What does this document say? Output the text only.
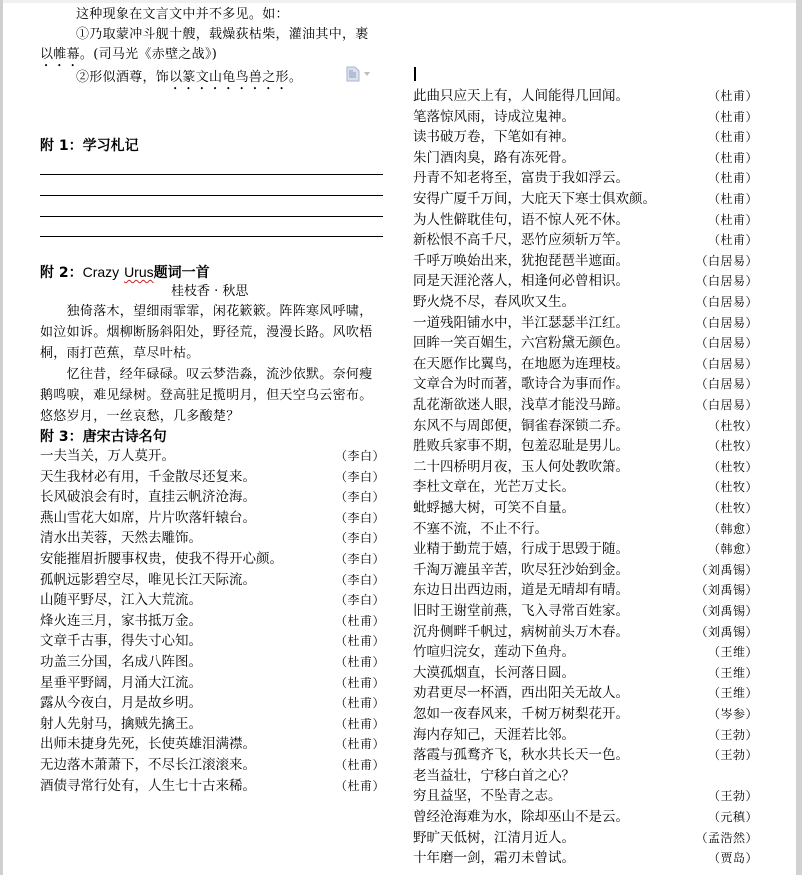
这种现象在文言文中并不多见。如：
①乃取蒙冲斗舰十艘，载燥荻枯柴，灌油其中，裹
以帷幕。(司马光《赤壁之战》)
②形似酒尊，饰以篆文山龟鸟兽之形。
附 1：学习札记
附 2：Crazy Urus题词一首
桂枝香 · 秋思
　　独倚落木，望细雨霏霏，闲花簌簌。阵阵寒风呼啸，
如泣如诉。烟柳断肠斜阳处，野径荒，漫漫长路。风吹梧
桐，雨打芭蕉，草尽叶枯。
　　忆往昔，经年碌碌。叹云梦浩淼，流沙依默。奈何瘦
鹅鸣唳，难见绿树。登高驻足揽明月，但天空乌云密布。
悠悠岁月，一丝哀愁，几多酸楚？
附 3：唐宋古诗名句
一夫当关，万人莫开。	（李白）
天生我材必有用，千金散尽还复来。	（李白）
长风破浪会有时，直挂云帆济沧海。	（李白）
燕山雪花大如席，片片吹落轩辕台。	（李白）
清水出芙蓉，天然去雕饰。	（李白）
安能摧眉折腰事权贵，使我不得开心颜。	（李白）
孤帆远影碧空尽，唯见长江天际流。	（李白）
山随平野尽，江入大荒流。	（李白）
烽火连三月，家书抵万金。	（杜甫）
文章千古事，得失寸心知。	（杜甫）
功盖三分国，名成八阵图。	（杜甫）
星垂平野阔，月涌大江流。	（杜甫）
露从今夜白，月是故乡明。	（杜甫）
射人先射马，擒贼先擒王。	（杜甫）
出师未捷身先死，长使英雄泪满襟。	（杜甫）
无边落木萧萧下，不尽长江滚滚来。	（杜甫）
酒债寻常行处有，人生七十古来稀。	（杜甫）
此曲只应天上有，人间能得几回闻。	（杜甫）
笔落惊风雨，诗成泣鬼神。	（杜甫）
读书破万卷，下笔如有神。	（杜甫）
朱门酒肉臭，路有冻死骨。	（杜甫）
丹青不知老将至，富贵于我如浮云。	（杜甫）
安得广厦千万间，大庇天下寒士俱欢颜。	（杜甫）
为人性僻耽佳句，语不惊人死不休。	（杜甫）
新松恨不高千尺，恶竹应须斩万竿。	（杜甫）
千呼万唤始出来，犹抱琵琶半遮面。	（白居易）
同是天涯沦落人，相逢何必曾相识。	（白居易）
野火烧不尽，春风吹又生。	（白居易）
一道残阳铺水中，半江瑟瑟半江红。	（白居易）
回眸一笑百媚生，六宫粉黛无颜色。	（白居易）
在天愿作比翼鸟，在地愿为连理枝。	（白居易）
文章合为时而著，歌诗合为事而作。	（白居易）
乱花渐欲迷人眼，浅草才能没马蹄。	（白居易）
东风不与周郎便，铜雀春深锁二乔。	（杜牧）
胜败兵家事不期，包羞忍耻是男儿。	（杜牧）
二十四桥明月夜，玉人何处教吹箫。	（杜牧）
李杜文章在，光芒万丈长。	（杜牧）
蚍蜉撼大树，可笑不自量。	（杜牧）
不塞不流，不止不行。	（韩愈）
业精于勤荒于嬉，行成于思毁于随。	（韩愈）
千淘万漉虽辛苦，吹尽狂沙始到金。	（刘禹锡）
东边日出西边雨，道是无晴却有晴。	（刘禹锡）
旧时王谢堂前燕，飞入寻常百姓家。	（刘禹锡）
沉舟侧畔千帆过，病树前头万木春。	（刘禹锡）
竹喧归浣女，莲动下鱼舟。	（王维）
大漠孤烟直，长河落日圆。	（王维）
劝君更尽一杯酒，西出阳关无故人。	（王维）
忽如一夜春风来，千树万树梨花开。	（岑参）
海内存知己，天涯若比邻。	（王勃）
落霞与孤鹜齐飞，秋水共长天一色。	（王勃）
老当益壮，宁移白首之心？
穷且益坚，不坠青之志。	（王勃）
曾经沧海难为水，除却巫山不是云。	（元稹）
野旷天低树，江清月近人。	（孟浩然）
十年磨一剑，霜刃未曾试。	（贾岛）
